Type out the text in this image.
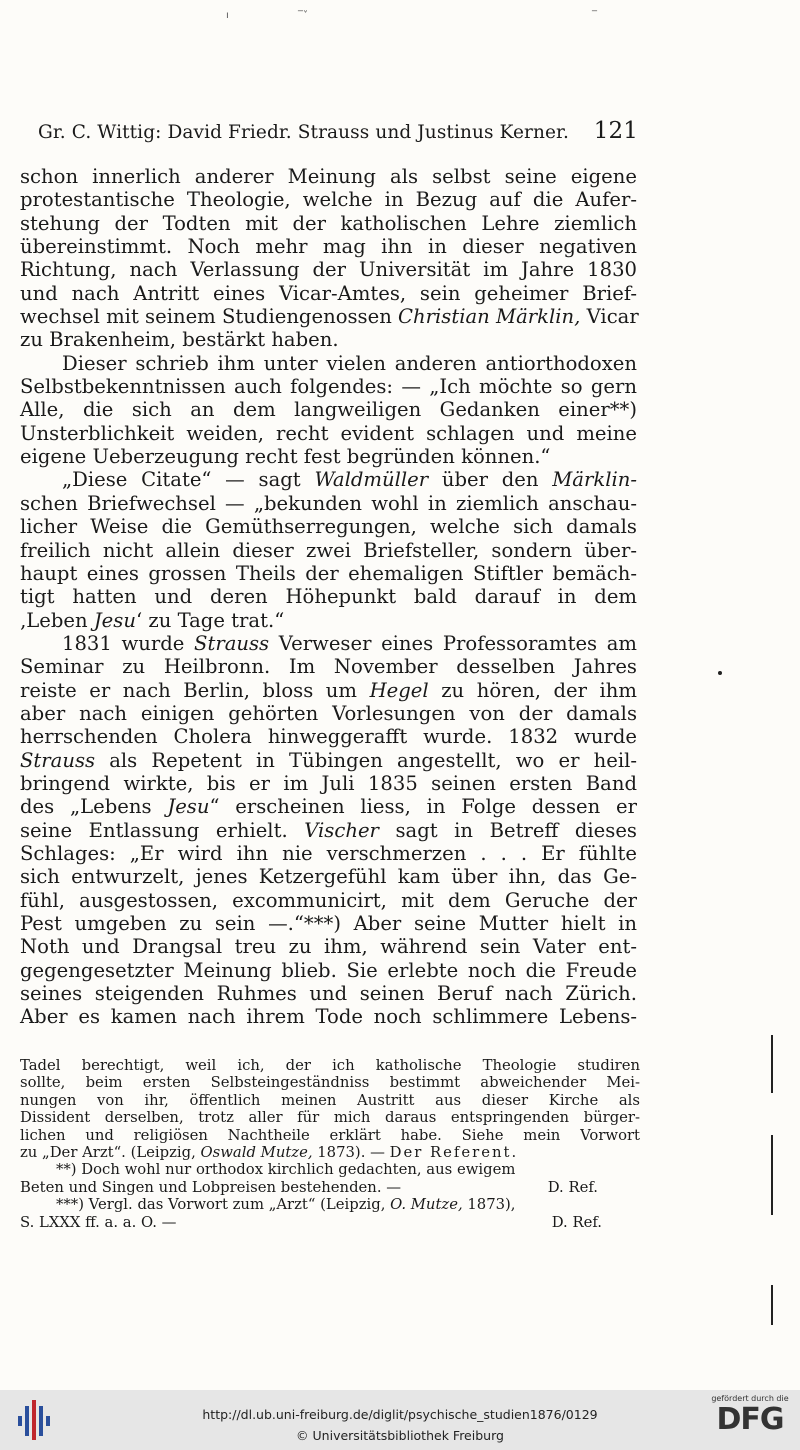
ı	‾˅	‾
Gr. C. Wittig: David Friedr. Strauss und Justinus Kerner. 121

schon innerlich anderer Meinung als selbst seine eigene
protestantische Theologie, welche in Bezug auf die Aufer-
stehung der Todten mit der katholischen Lehre ziemlich
übereinstimmt. Noch mehr mag ihn in dieser negativen
Richtung, nach Verlassung der Universität im Jahre 1830
und nach Antritt eines Vicar-Amtes, sein geheimer Brief-
wechsel mit seinem Studiengenossen Christian Märklin, Vicar
zu Brakenheim, bestärkt haben.

Dieser schrieb ihm unter vielen anderen antiorthodoxen
Selbstbekenntnissen auch folgendes: — „Ich möchte so gern
Alle, die sich an dem langweiligen Gedanken einer**)
Unsterblichkeit weiden, recht evident schlagen und meine
eigene Ueberzeugung recht fest begründen können.“

„Diese Citate“ — sagt Waldmüller über den Märklin-
schen Briefwechsel — „bekunden wohl in ziemlich anschau-
licher Weise die Gemüthserregungen, welche sich damals
freilich nicht allein dieser zwei Briefsteller, sondern über-
haupt eines grossen Theils der ehemaligen Stiftler bemäch-
tigt hatten und deren Höhepunkt bald darauf in dem
‚Leben Jesu‘ zu Tage trat.“

1831 wurde Strauss Verweser eines Professoramtes am
Seminar zu Heilbronn. Im November desselben Jahres
reiste er nach Berlin, bloss um Hegel zu hören, der ihm
aber nach einigen gehörten Vorlesungen von der damals
herrschenden Cholera hinweggerafft wurde. 1832 wurde
Strauss als Repetent in Tübingen angestellt, wo er heil-
bringend wirkte, bis er im Juli 1835 seinen ersten Band
des „Lebens Jesu“ erscheinen liess, in Folge dessen er
seine Entlassung erhielt. Vischer sagt in Betreff dieses
Schlages: „Er wird ihn nie verschmerzen . . . Er fühlte
sich entwurzelt, jenes Ketzergefühl kam über ihn, das Ge-
fühl, ausgestossen, excommunicirt, mit dem Geruche der
Pest umgeben zu sein —.“***) Aber seine Mutter hielt in
Noth und Drangsal treu zu ihm, während sein Vater ent-
gegengesetzter Meinung blieb. Sie erlebte noch die Freude
seines steigenden Ruhmes und seinen Beruf nach Zürich.
Aber es kamen nach ihrem Tode noch schlimmere Lebens-

Tadel berechtigt, weil ich, der ich katholische Theologie studiren
sollte, beim ersten Selbsteingeständniss bestimmt abweichender Mei-
nungen von ihr, öffentlich meinen Austritt aus dieser Kirche als
Dissident derselben, trotz aller für mich daraus entspringenden bürger-
lichen und religiösen Nachtheile erklärt habe. Siehe mein Vorwort
zu „Der Arzt“. (Leipzig, Oswald Mutze, 1873). — Der Referent.
**) Doch wohl nur orthodox kirchlich gedachten, aus ewigem
Beten und Singen und Lobpreisen bestehenden. —	D. Ref.
***) Vergl. das Vorwort zum „Arzt“ (Leipzig, O. Mutze, 1873),
S. LXXX ff. a. a. O. —	D. Ref.
http://dl.ub.uni-freiburg.de/diglit/psychische_studien1876/0129
© Universitätsbibliothek Freiburg
gefördert durch die
DFG
